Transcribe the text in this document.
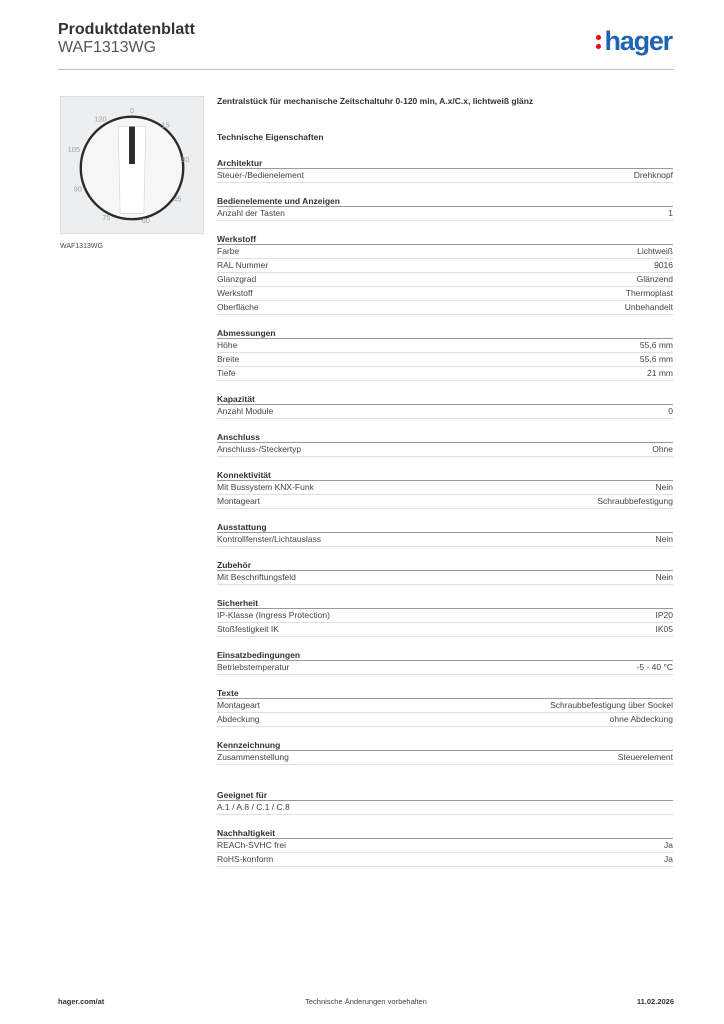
Produktdatenblatt
WAF1313WG	hager
0
15
30
45
60
75
90
105
120
WAF1313WG
Zentralstück für mechanische Zeitschaltuhr 0-120 min, A.x/C.x, lichtweiß glänz
Technische Eigenschaften
Architektur
Steuer-/Bedienelement	Drehknopf
Bedienelemente und Anzeigen
Anzahl der Tasten	1
Werkstoff
Farbe	Lichtweiß
RAL Nummer	9016
Glanzgrad	Glänzend
Werkstoff	Thermoplast
Oberfläche	Unbehandelt
Abmessungen
Höhe	55,6 mm
Breite	55,6 mm
Tiefe	21 mm
Kapazität
Anzahl Module	0
Anschluss
Anschluss-/Steckertyp	Ohne
Konnektivität
Mit Bussystem KNX-Funk	Nein
Montageart	Schraubbefestigung
Ausstattung
Kontrollfenster/Lichtauslass	Nein
Zubehör
Mit Beschriftungsfeld	Nein
Sicherheit
IP-Klasse (Ingress Protection)	IP20
Stoßfestigkeit IK	IK05
Einsatzbedingungen
Betriebstemperatur	-5 - 40 °C
Texte
Montageart	Schraubbefestigung über Sockel
Abdeckung	ohne Abdeckung
Kennzeichnung
Zusammenstellung	Steuerelement
Geeignet für
A.1 / A.8 / C.1 / C.8
Nachhaltigkeit
REACh-SVHC frei	Ja
RoHS-konform	Ja
hager.com/at	Technische Änderungen vorbehalten	11.02.2026
